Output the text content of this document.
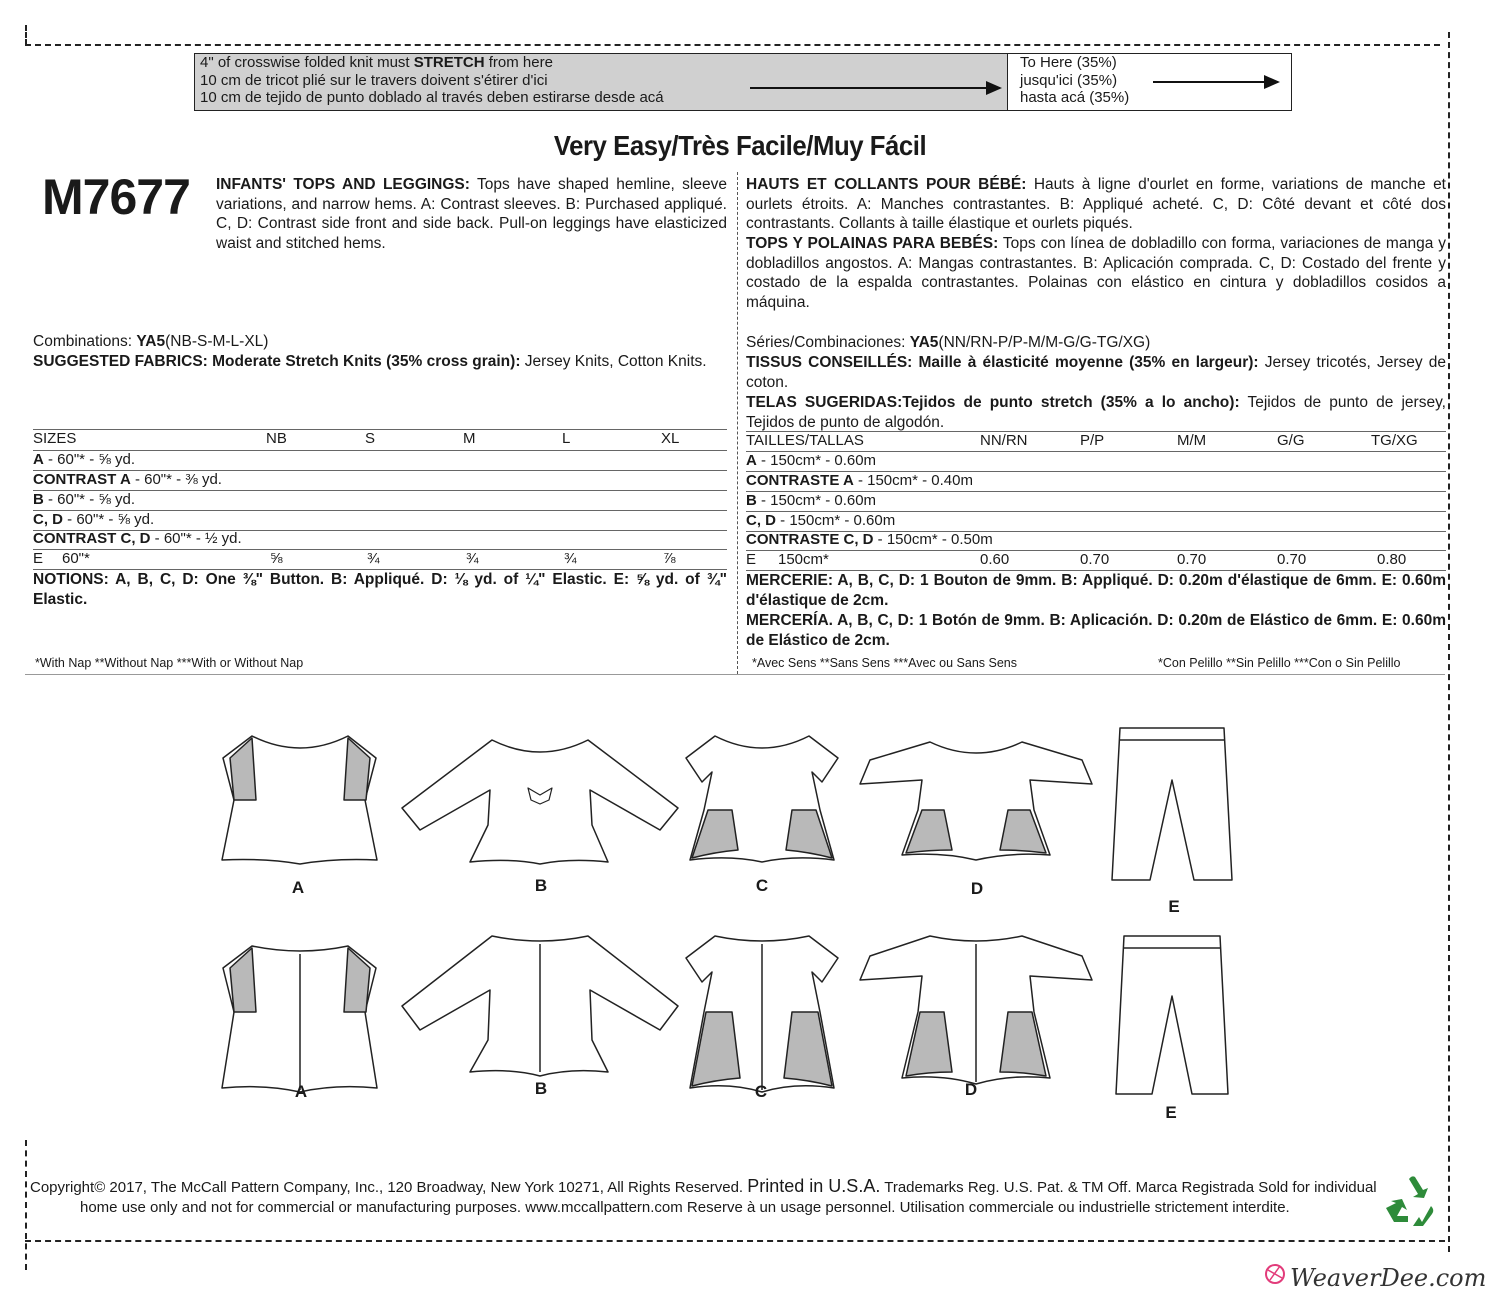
4" of crosswise folded knit must STRETCH from here
10 cm de tricot plié sur le travers doivent s'étirer d'ici
10 cm de tejido de punto doblado al través deben estirarse desde acá
To Here (35%)
jusqu'ici (35%)
hasta acá (35%)
Very Easy/Très Facile/Muy Fácil
M7677 INFANTS' TOPS AND LEGGINGS: Tops have shaped hemline, sleeve variations, and narrow hems. A: Contrast sleeves. B: Purchased appliqué. C, D: Contrast side front and side back. Pull-on leggings have elasticized waist and stitched hems.
HAUTS ET COLLANTS POUR BÉBÉ: Hauts à ligne d'ourlet en forme, variations de manche et ourlets étroits. A: Manches contrastantes. B: Appliqué acheté. C, D: Côté devant et côté dos contrastants. Collants à taille élastique et ourlets piqués.
TOPS Y POLAINAS PARA BEBÉS: Tops con línea de dobladillo con forma, variaciones de manga y dobladillos angostos. A: Mangas contrastantes. B: Aplicación comprada. C, D: Costado del frente y costado de la espalda contrastantes. Polainas con elástico en cintura y dobladillos cosidos a máquina.
Combinations: YA5(NB-S-M-L-XL)	Séries/Combinaciones: YA5(NN/RN-P/P-M/M-G/G-TG/XG)
SUGGESTED FABRICS: Moderate Stretch Knits (35% cross grain): Jersey Knits, Cotton Knits.	TISSUS CONSEILLÉS: Maille à élasticité moyenne (35% en largeur): Jersey tricotés, Jersey de coton.
TELAS SUGERIDAS:Tejidos de punto stretch (35% a lo ancho): Tejidos de punto de jersey, Tejidos de punto de algodón.
SIZES	NB	S	M	L	XL
A - 60"* - ⅝ yd.
CONTRAST A - 60"* - ⅜ yd.
B - 60"* - ⅝ yd.
C, D - 60"* - ⅝ yd.
CONTRAST C, D - 60"* - ½ yd.
E 60"*	⅝	¾	¾	¾	⅞
TAILLES/TALLAS	NN/RN	P/P	M/M	G/G	TG/XG
A - 150cm* - 0.60m
CONTRASTE A - 150cm* - 0.40m
B - 150cm* - 0.60m
C, D - 150cm* - 0.60m
CONTRASTE C, D - 150cm* - 0.50m
E 150cm*	0.60	0.70	0.70	0.70	0.80
NOTIONS: A, B, C, D: One ⅜" Button. B: Appliqué. D: ⅛ yd. of ¼" Elastic. E: ⅝ yd. of ¾" Elastic.
MERCERIE: A, B, C, D: 1 Bouton de 9mm. B: Appliqué. D: 0.20m d'élastique de 6mm. E: 0.60m d'élastique de 2cm.
MERCERÍA. A, B, C, D: 1 Botón de 9mm. B: Aplicación. D: 0.20m de Elástico de 6mm. E: 0.60m de Elástico de 2cm.
*With Nap **Without Nap ***With or Without Nap	*Avec Sens **Sans Sens ***Avec ou Sans Sens	*Con Pelillo **Sin Pelillo ***Con o Sin Pelillo
A	B	C	D
E
A	B	C	D
E
Copyright© 2017, The McCall Pattern Company, Inc., 120 Broadway, New York 10271, All Rights Reserved. Printed in U.S.A. Trademarks Reg. U.S. Pat. & TM Off. Marca Registrada Sold for individual
home use only and not for commercial or manufacturing purposes. www.mccallpattern.com Reserve à un usage personnel. Utilisation commerciale ou industrielle strictement interdite.
WeaverDee.com
